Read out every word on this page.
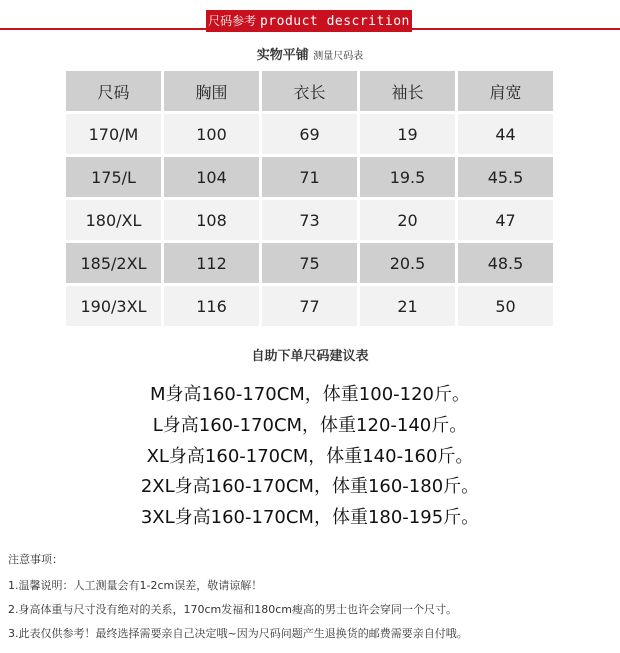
尺码参考 product descrition
实物平铺 测量尺码表
尺码	胸围	衣长	袖长	肩宽
170/M	100	69	19	44
175/L	104	71	19.5	45.5
180/XL	108	73	20	47
185/2XL	112	75	20.5	48.5
190/3XL	116	77	21	50
自助下单尺码建议表
M身高160-170CM，体重100-120斤。
L身高160-170CM，体重120-140斤。
XL身高160-170CM，体重140-160斤。
2XL身高160-170CM，体重160-180斤。
3XL身高160-170CM，体重180-195斤。
注意事项：
1.温馨说明：人工测量会有1-2cm误差，敬请谅解！
2.身高体重与尺寸没有绝对的关系，170cm发福和180cm瘦高的男士也许会穿同一个尺寸。
3.此表仅供参考！最终选择需要亲自己决定哦~因为尺码问题产生退换货的邮费需要亲自付哦。
